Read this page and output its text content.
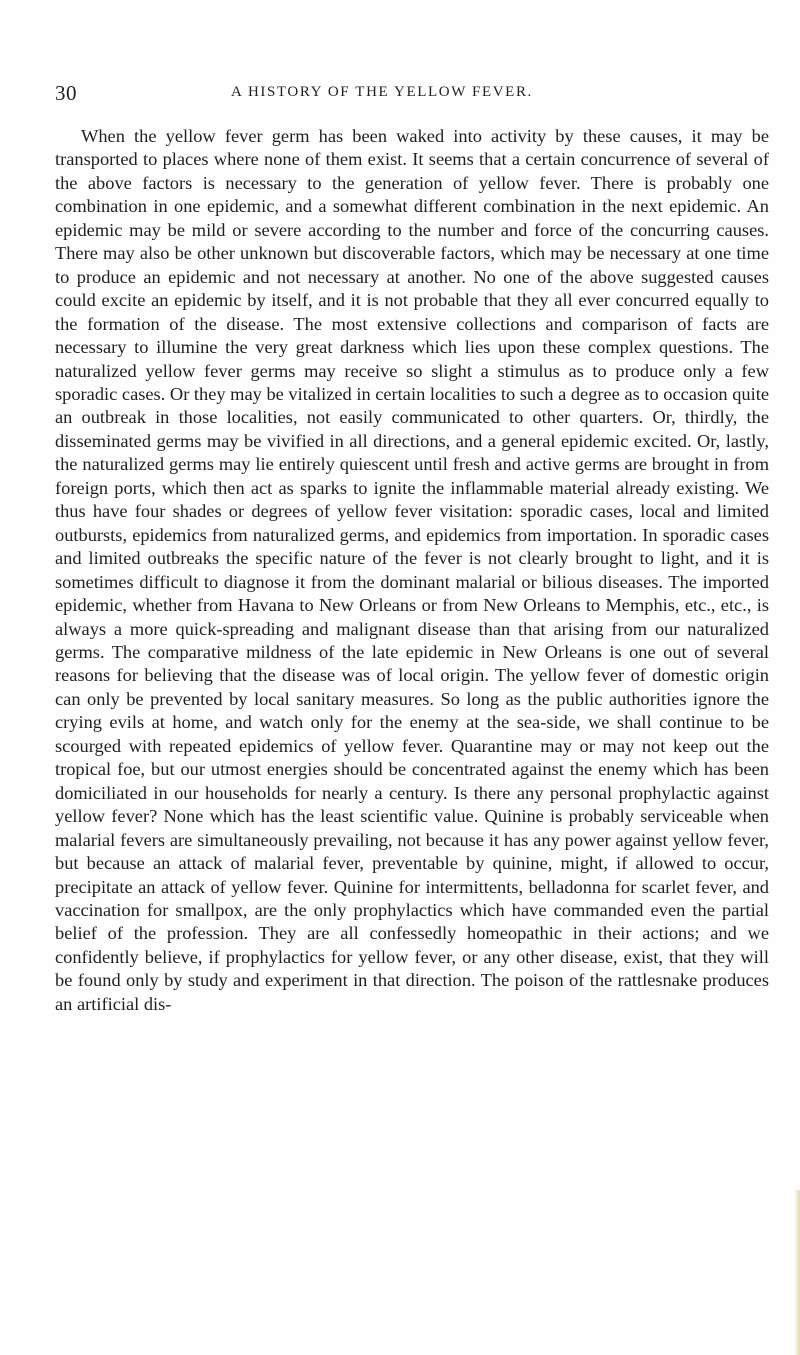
30	A HISTORY OF THE YELLOW FEVER.

When the yellow fever germ has been waked into activity by these causes, it may be transported to places where none of them exist. It seems that a certain concurrence of several of the above factors is necessary to the generation of yellow fever. There is probably one combination in one epidemic, and a somewhat different combination in the next epidemic. An epidemic may be mild or severe according to the number and force of the concurring causes. There may also be other unknown but discoverable factors, which may be necessary at one time to produce an epidemic and not necessary at another. No one of the above suggested causes could excite an epidemic by itself, and it is not probable that they all ever concurred equally to the formation of the disease. The most extensive collections and comparison of facts are necessary to illumine the very great darkness which lies upon these complex questions. The naturalized yellow fever germs may receive so slight a stimulus as to produce only a few sporadic cases. Or they may be vitalized in certain localities to such a degree as to occasion quite an outbreak in those localities, not easily communicated to other quarters. Or, thirdly, the disseminated germs may be vivified in all directions, and a general epidemic excited. Or, lastly, the naturalized germs may lie entirely quiescent until fresh and active germs are brought in from foreign ports, which then act as sparks to ignite the inflammable material already existing. We thus have four shades or degrees of yellow fever visitation: sporadic cases, local and limited outbursts, epidemics from naturalized germs, and epidemics from importation. In sporadic cases and limited outbreaks the specific nature of the fever is not clearly brought to light, and it is sometimes difficult to diagnose it from the dominant malarial or bilious diseases. The imported epidemic, whether from Havana to New Orleans or from New Orleans to Memphis, etc., etc., is always a more quick-spreading and malignant disease than that arising from our naturalized germs. The comparative mildness of the late epidemic in New Orleans is one out of several reasons for believing that the disease was of local origin. The yellow fever of domestic origin can only be prevented by local sanitary measures. So long as the public authorities ignore the crying evils at home, and watch only for the enemy at the sea-side, we shall continue to be scourged with repeated epidemics of yellow fever. Quarantine may or may not keep out the tropical foe, but our utmost energies should be concentrated against the enemy which has been domiciliated in our households for nearly a century. Is there any personal prophylactic against yellow fever? None which has the least scientific value. Quinine is probably serviceable when malarial fevers are simultaneously prevailing, not because it has any power against yellow fever, but because an attack of malarial fever, preventable by quinine, might, if allowed to occur, precipitate an attack of yellow fever. Quinine for intermittents, belladonna for scarlet fever, and vaccination for smallpox, are the only prophylactics which have commanded even the partial belief of the profession. They are all confessedly homeopathic in their actions; and we confidently believe, if prophylactics for yellow fever, or any other disease, exist, that they will be found only by study and experiment in that direction. The poison of the rattlesnake produces an artificial dis-
